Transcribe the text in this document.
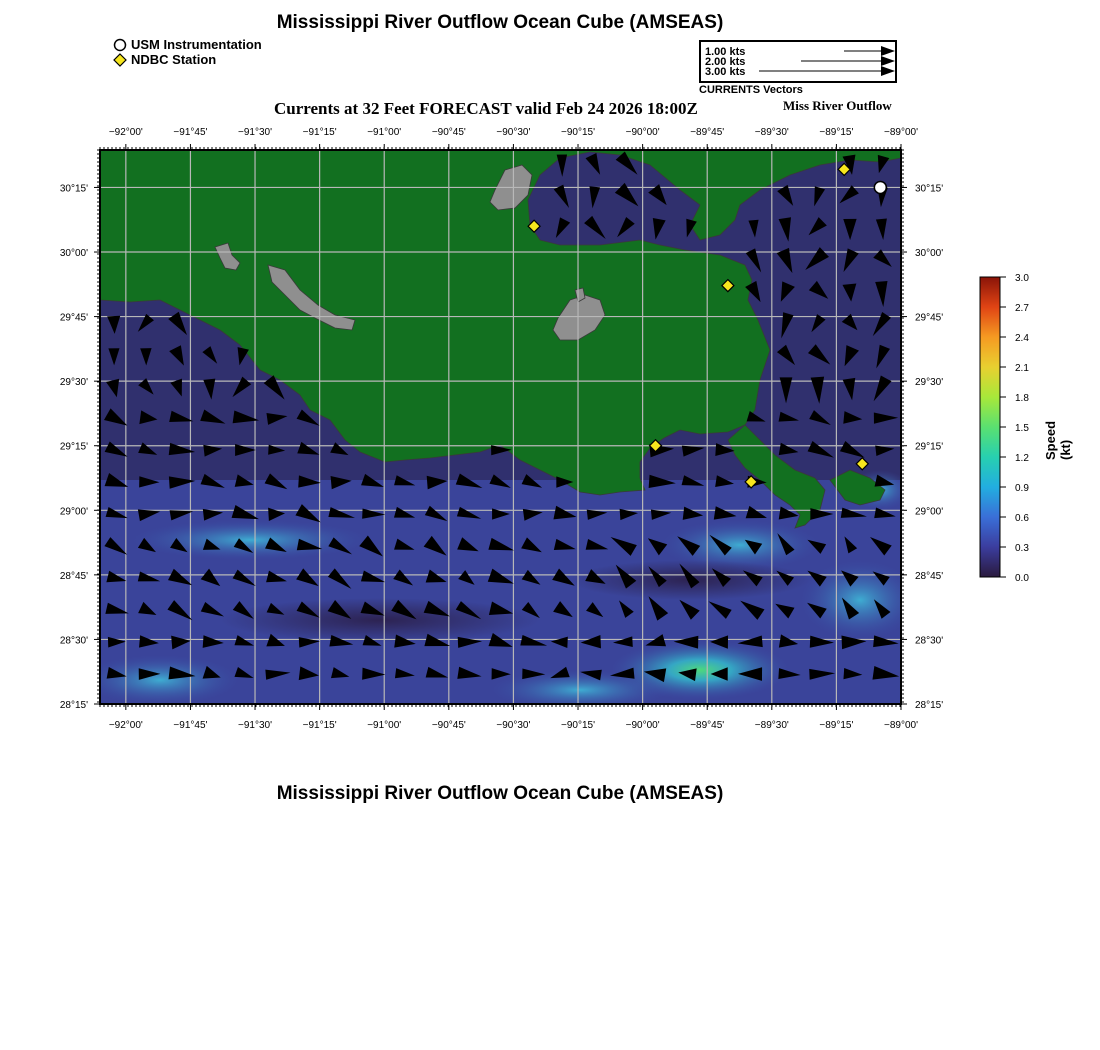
Mississippi River Outflow Ocean Cube (AMSEAS)
USM Instrumentation
NDBC Station	1.00 kts
2.00 kts
3.00 kts
CURRENTS Vectors
Currents at 32 Feet FORECAST valid Feb 24 2026 18:00Z	Miss River Outflow
−92°00'	−91°45'	−91°30'	−91°15'	−91°00'	−90°45'	−90°30'	−90°15'	−90°00'	−89°45'	−89°30'	−89°15'	−89°00'
−92°00'	−91°45'	−91°30'	−91°15'	−91°00'	−90°45'	−90°30'	−90°15'	−90°00'	−89°45'	−89°30'	−89°15'	−89°00'
30°15'
30°00'
29°45'
29°30'
29°15'
29°00'
28°45'
28°30'
28°15'
30°15'
30°00'
29°45'
29°30'
29°15'
29°00'
28°45'
28°30'
28°15'
3.0
2.7
2.4
2.1
1.8
1.5
1.2
0.9
0.6
0.3
0.0
Speed (kt)
Mississippi River Outflow Ocean Cube (AMSEAS)
